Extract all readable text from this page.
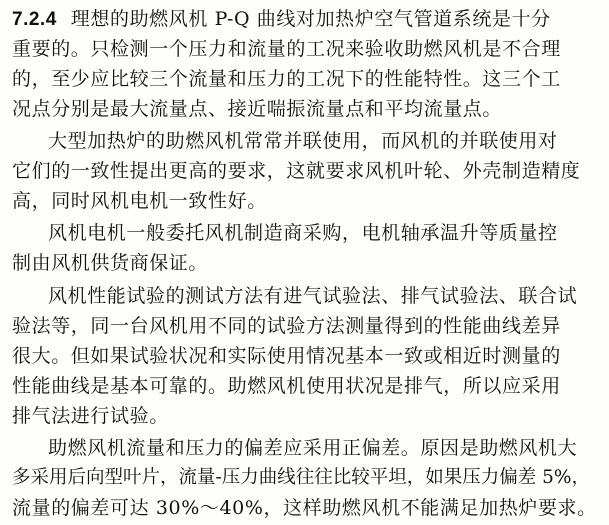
7.2.4 理想的助燃风机 P-Q 曲线对加热炉空气管道系统是十分
重要的。只检测一个压力和流量的工况来验收助燃风机是不合理
的，至少应比较三个流量和压力的工况下的性能特性。这三个工
况点分别是最大流量点、接近喘振流量点和平均流量点。
大型加热炉的助燃风机常常并联使用，而风机的并联使用对
它们的一致性提出更高的要求，这就要求风机叶轮、外壳制造精度
高，同时风机电机一致性好。
风机电机一般委托风机制造商采购，电机轴承温升等质量控
制由风机供货商保证。
风机性能试验的测试方法有进气试验法、排气试验法、联合试
验法等，同一台风机用不同的试验方法测量得到的性能曲线差异
很大。但如果试验状况和实际使用情况基本一致或相近时测量的
性能曲线是基本可靠的。助燃风机使用状况是排气，所以应采用
排气法进行试验。
助燃风机流量和压力的偏差应采用正偏差。原因是助燃风机大
多采用后向型叶片，流量-压力曲线往往比较平坦，如果压力偏差 5%，
流量的偏差可达 30%～40%，这样助燃风机不能满足加热炉要求。
